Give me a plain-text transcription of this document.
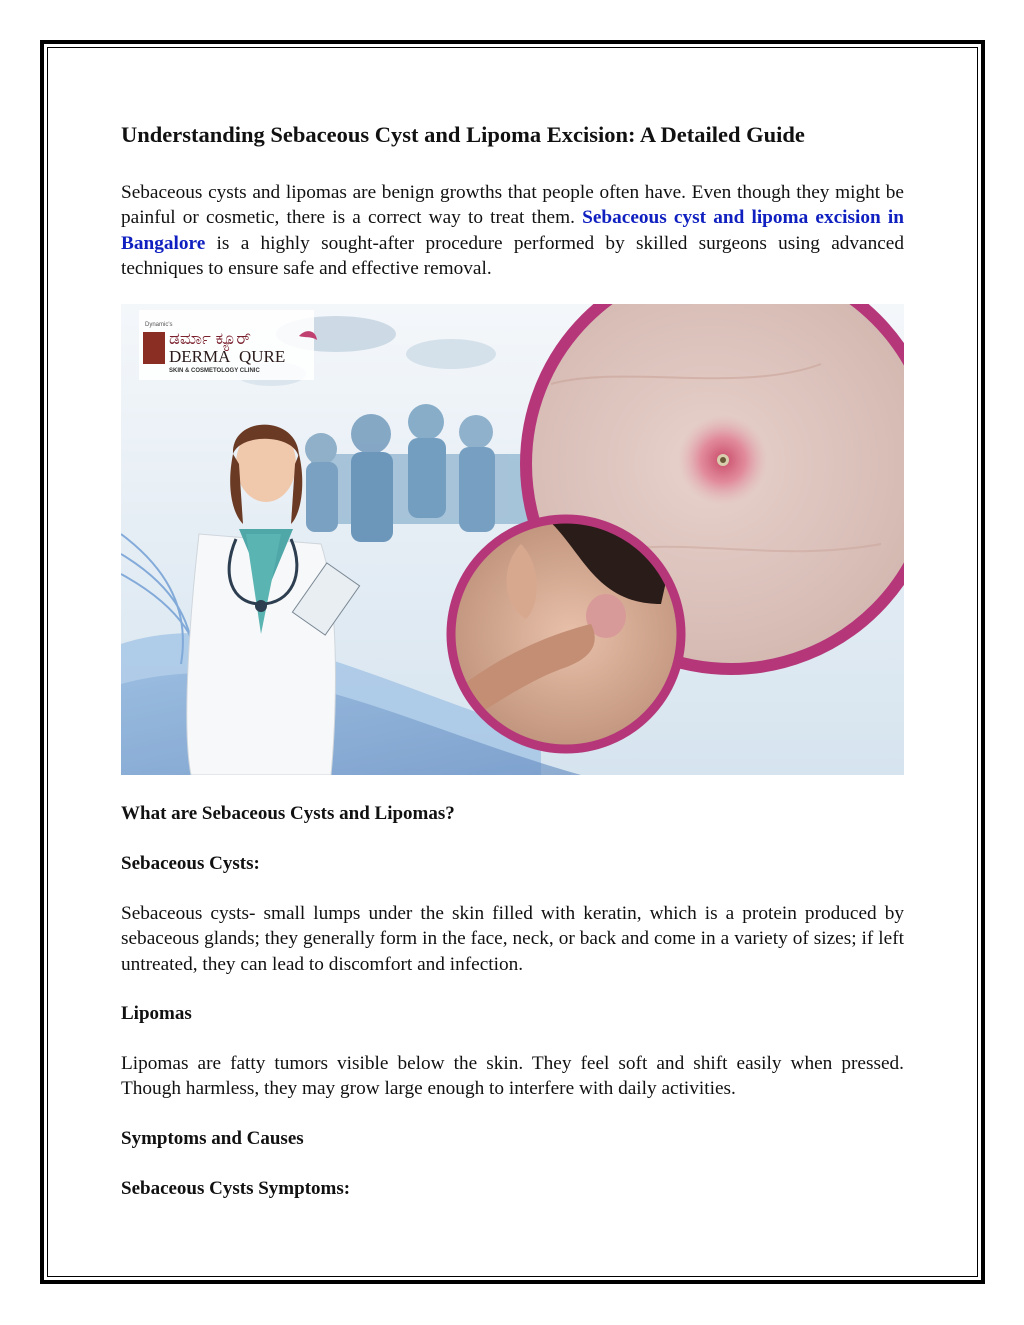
Understanding Sebaceous Cyst and Lipoma Excision: A Detailed Guide

Sebaceous cysts and lipomas are benign growths that people often have. Even though they might be painful or cosmetic, there is a correct way to treat them. Sebaceous cyst and lipoma excision in Bangalore is a highly sought-after procedure performed by skilled surgeons using advanced techniques to ensure safe and effective removal.

ಡರ್ಮಾ ಕ್ಯೂರ್
DERMA QURE
Dynamic's
SKIN & COSMETOLOGY CLINIC
What are Sebaceous Cysts and Lipomas?
Sebaceous Cysts:

Sebaceous cysts- small lumps under the skin filled with keratin, which is a protein produced by sebaceous glands; they generally form in the face, neck, or back and come in a variety of sizes; if left untreated, they can lead to discomfort and infection.

Lipomas

Lipomas are fatty tumors visible below the skin. They feel soft and shift easily when pressed. Though harmless, they may grow large enough to interfere with daily activities.

Symptoms and Causes
Sebaceous Cysts Symptoms:
